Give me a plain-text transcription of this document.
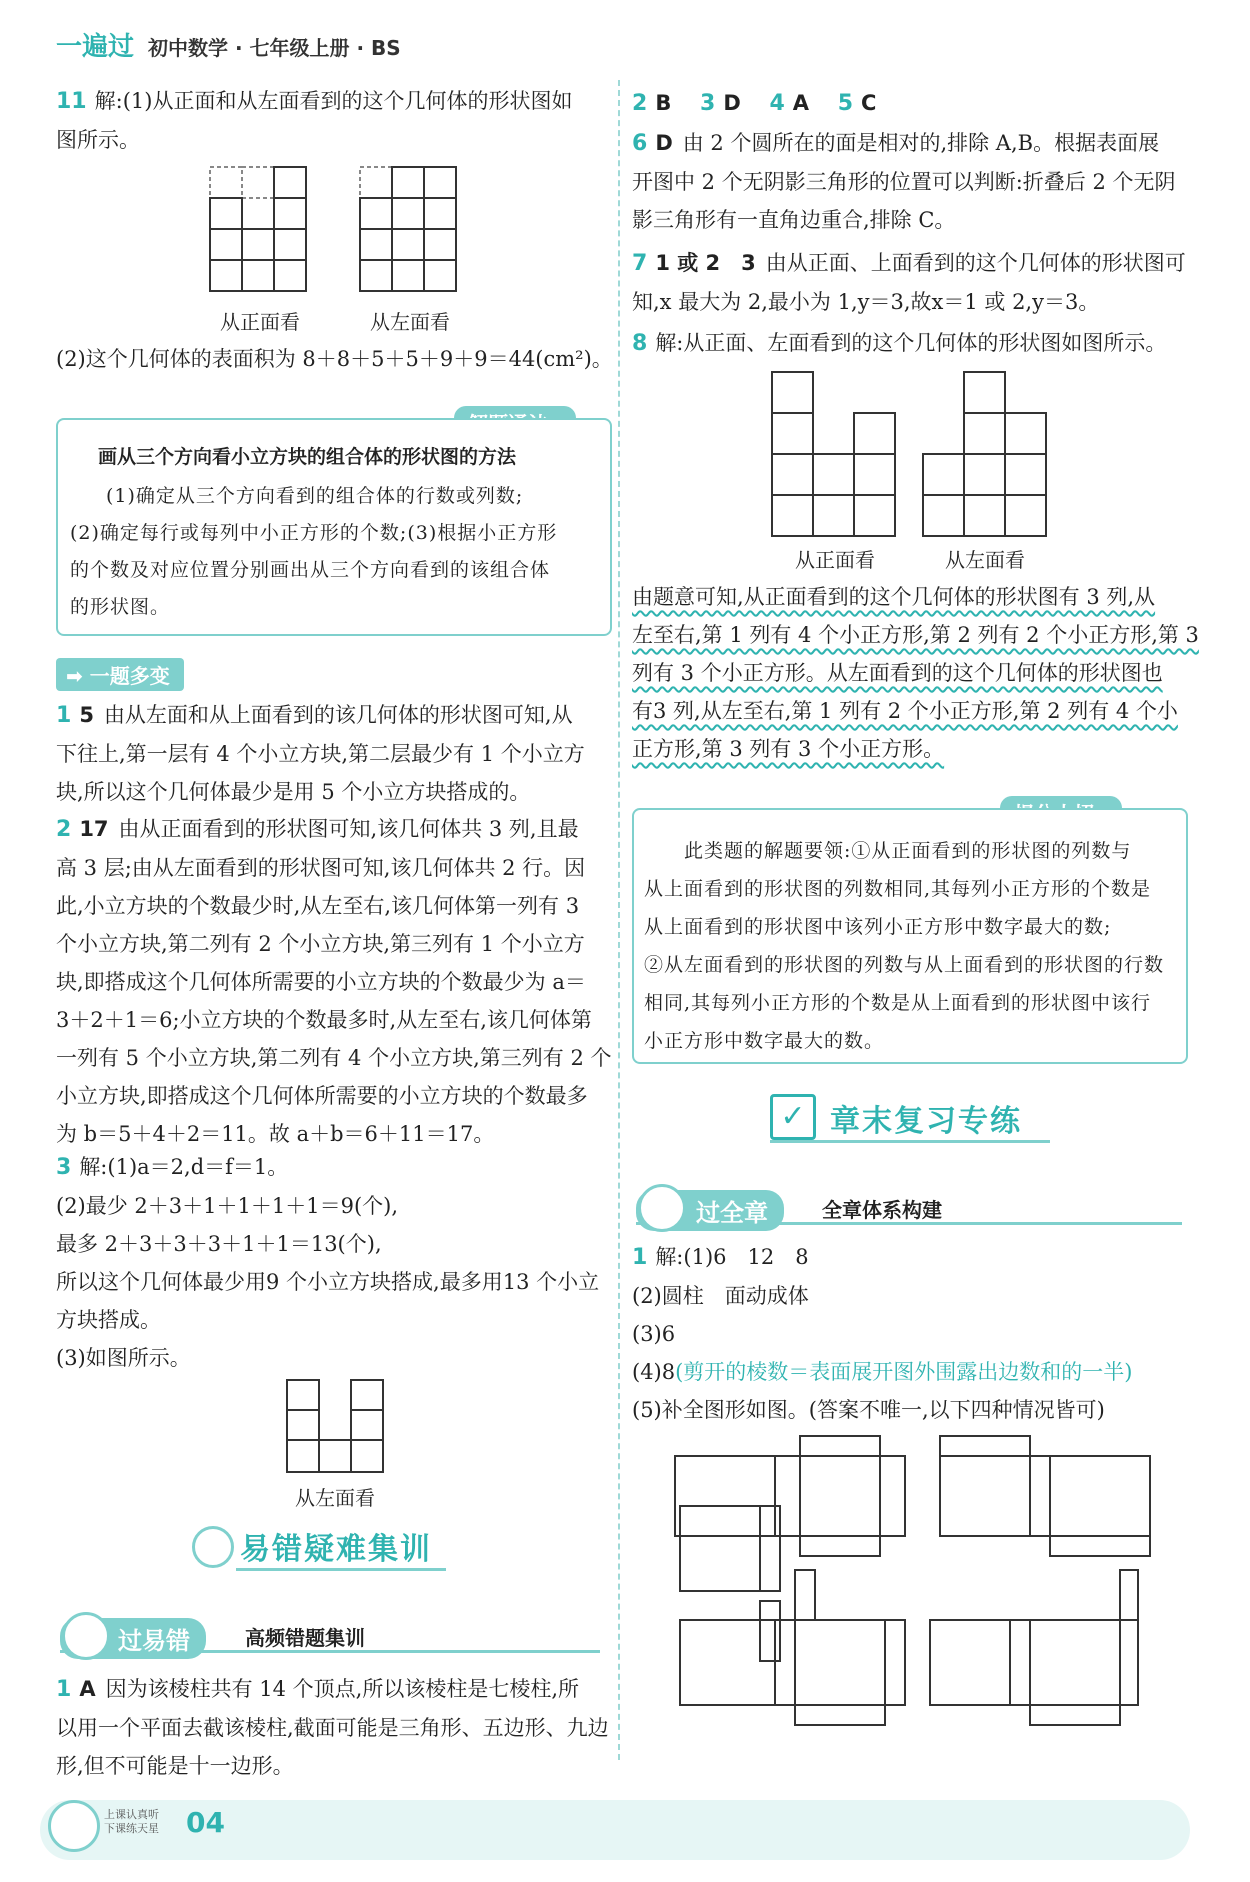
一遍过 初中数学 · 七年级上册 · BS
11 解:(1)从正面和从左面看到的这个几何体的形状图如
图所示。
从正面看	从左面看
(2)这个几何体的表面积为 8＋8＋5＋5＋9＋9＝44(cm²)。
画从三个方向看小立方块的组合体的形状图的方法
(1)确定从三个方向看到的组合体的行数或列数;
(2)确定每行或每列中小正方形的个数;(3)根据小正方形
的个数及对应位置分别画出从三个方向看到的该组合体
的形状图。
➡ 一题多变
1 5 由从左面和从上面看到的该几何体的形状图可知,从
下往上,第一层有 4 个小立方块,第二层最少有 1 个小立方
块,所以这个几何体最少是用 5 个小立方块搭成的。
2 17 由从正面看到的形状图可知,该几何体共 3 列,且最
高 3 层;由从左面看到的形状图可知,该几何体共 2 行。因
此,小立方块的个数最少时,从左至右,该几何体第一列有 3
个小立方块,第二列有 2 个小立方块,第三列有 1 个小立方
块,即搭成这个几何体所需要的小立方块的个数最少为 a＝
3＋2＋1＝6;小立方块的个数最多时,从左至右,该几何体第
一列有 5 个小立方块,第二列有 4 个小立方块,第三列有 2 个
小立方块,即搭成这个几何体所需要的小立方块的个数最多
为 b＝5＋4＋2＝11。故 a＋b＝6＋11＝17。
3 解:(1)a＝2,d＝f＝1。
(2)最少 2＋3＋1＋1＋1＋1＝9(个),
最多 2＋3＋3＋3＋1＋1＝13(个),
所以这个几何体最少用9 个小立方块搭成,最多用13 个小立
方块搭成。
(3)如图所示。
从左面看
易错疑难集训
过易错	高频错题集训
1 A 因为该棱柱共有 14 个顶点,所以该棱柱是七棱柱,所
以用一个平面去截该棱柱,截面可能是三角形、五边形、九边
形,但不可能是十一边形。
2 B 3 D 4 A 5 C
6 D 由 2 个圆所在的面是相对的,排除 A,B。根据表面展
开图中 2 个无阴影三角形的位置可以判断:折叠后 2 个无阴
影三角形有一直角边重合,排除 C。
7 1 或 2　3 由从正面、上面看到的这个几何体的形状图可
知,x 最大为 2,最小为 1,y＝3,故x＝1 或 2,y＝3。
8 解:从正面、左面看到的这个几何体的形状图如图所示。
从正面看	从左面看
由题意可知,从正面看到的这个几何体的形状图有 3 列,从
左至右,第 1 列有 4 个小正方形,第 2 列有 2 个小正方形,第 3
列有 3 个小正方形。从左面看到的这个几何体的形状图也
有3 列,从左至右,第 1 列有 2 个小正方形,第 2 列有 4 个小
正方形,第 3 列有 3 个小正方形。
此类题的解题要领:①从正面看到的形状图的列数与
从上面看到的形状图的列数相同,其每列小正方形的个数是
从上面看到的形状图中该列小正方形中数字最大的数;
②从左面看到的形状图的列数与从上面看到的形状图的行数
相同,其每列小正方形的个数是从上面看到的形状图中该行
小正方形中数字最大的数。
✓ 章末复习专练
过全章	全章体系构建
1 解:(1)6　12　8
(2)圆柱　面动成体
(3)6
(4)8(剪开的棱数＝表面展开图外围露出边数和的一半)
(5)补全图形如图。(答案不唯一,以下四种情况皆可)
上课认真听
下课练天星 04
